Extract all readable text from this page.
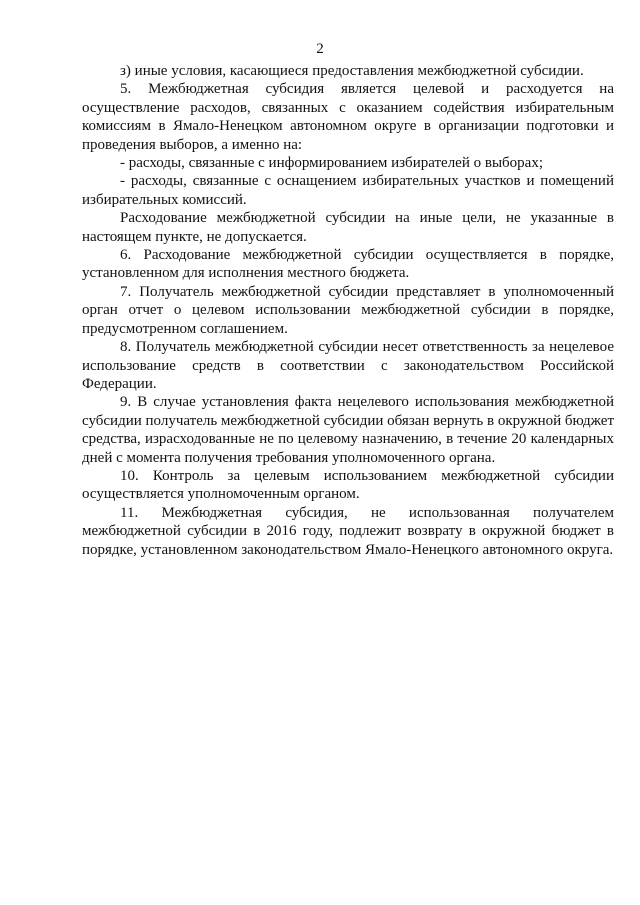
2

з) иные условия, касающиеся предоставления межбюджетной субсидии.

5. Межбюджетная субсидия является целевой и расходуется на осуществление расходов, связанных с оказанием содействия избирательным комиссиям в Ямало-Ненецком автономном округе в организации подготовки и проведения выборов, а именно на:

- расходы, связанные с информированием избирателей о выборах;

- расходы, связанные с оснащением избирательных участков и помещений избирательных комиссий.

Расходование межбюджетной субсидии на иные цели, не указанные в настоящем пункте, не допускается.

6. Расходование межбюджетной субсидии осуществляется в порядке, установленном для исполнения местного бюджета.

7. Получатель межбюджетной субсидии представляет в уполномоченный орган отчет о целевом использовании межбюджетной субсидии в порядке, предусмотренном соглашением.

8. Получатель межбюджетной субсидии несет ответственность за нецелевое использование средств в соответствии с законодательством Российской Федерации.

9. В случае установления факта нецелевого использования межбюджетной субсидии получатель межбюджетной субсидии обязан вернуть в окружной бюджет средства, израсходованные не по целевому назначению, в течение 20 календарных дней с момента получения требования уполномоченного органа.

10. Контроль за целевым использованием межбюджетной субсидии осуществляется уполномоченным органом.

11. Межбюджетная субсидия, не использованная получателем межбюджетной субсидии в 2016 году, подлежит возврату в окружной бюджет в порядке, установленном законодательством Ямало-Ненецкого автономного округа.
